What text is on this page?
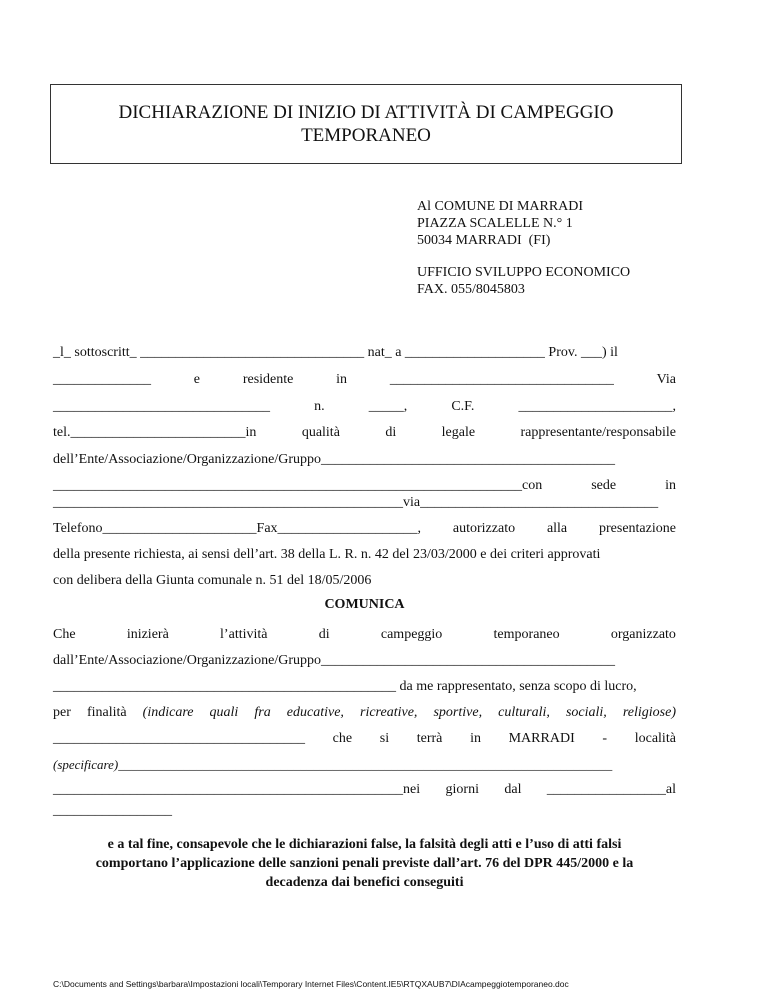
DICHIARAZIONE DI INIZIO DI ATTIVITÀ DI CAMPEGGIO
TEMPORANEO
Al COMUNE DI MARRADI
PIAZZA SCALELLE N.° 1
50034 MARRADI  (FI)
UFFICIO SVILUPPO ECONOMICO
FAX. 055/8045803
_l_ sottoscritt_ ________________________________ nat_ a ____________________ Prov. ___) il
______________	e	residente	in	________________________________	Via
_______________________________	n.	_____,	C.F.	______________________,
tel._________________________in	qualità	di	legale	rappresentante/responsabile
dell’Ente/Associazione/Organizzazione/Gruppo__________________________________________
___________________________________________________________________con	sede	in
__________________________________________________via__________________________________
Telefono______________________Fax____________________, autorizzato alla presentazione
della presente richiesta, ai sensi dell’art. 38 della L. R. n. 42 del 23/03/2000 e dei criteri approvati
con delibera della Giunta comunale n. 51 del 18/05/2006
COMUNICA
Che	inizierà	l’attività	di	campeggio	temporaneo	organizzato
dall’Ente/Associazione/Organizzazione/Gruppo__________________________________________
_________________________________________________ da me rappresentato, senza scopo di lucro,
per finalità (indicare quali fra educative, ricreative, sportive, culturali, sociali, religiose)
____________________________________ che si terrà in MARRADI - località
(specificare)____________________________________________________________________________
__________________________________________________nei giorni dal _________________al
_________________
e a tal fine, consapevole che le dichiarazioni false, la falsità degli atti e l’uso di atti falsi
comportano l’applicazione delle sanzioni penali previste dall’art. 76 del DPR 445/2000 e la
decadenza dai benefici conseguiti
C:\Documents and Settings\barbara\Impostazioni locali\Temporary Internet Files\Content.IE5\RTQXAUB7\DIAcampeggiotemporaneo.doc
